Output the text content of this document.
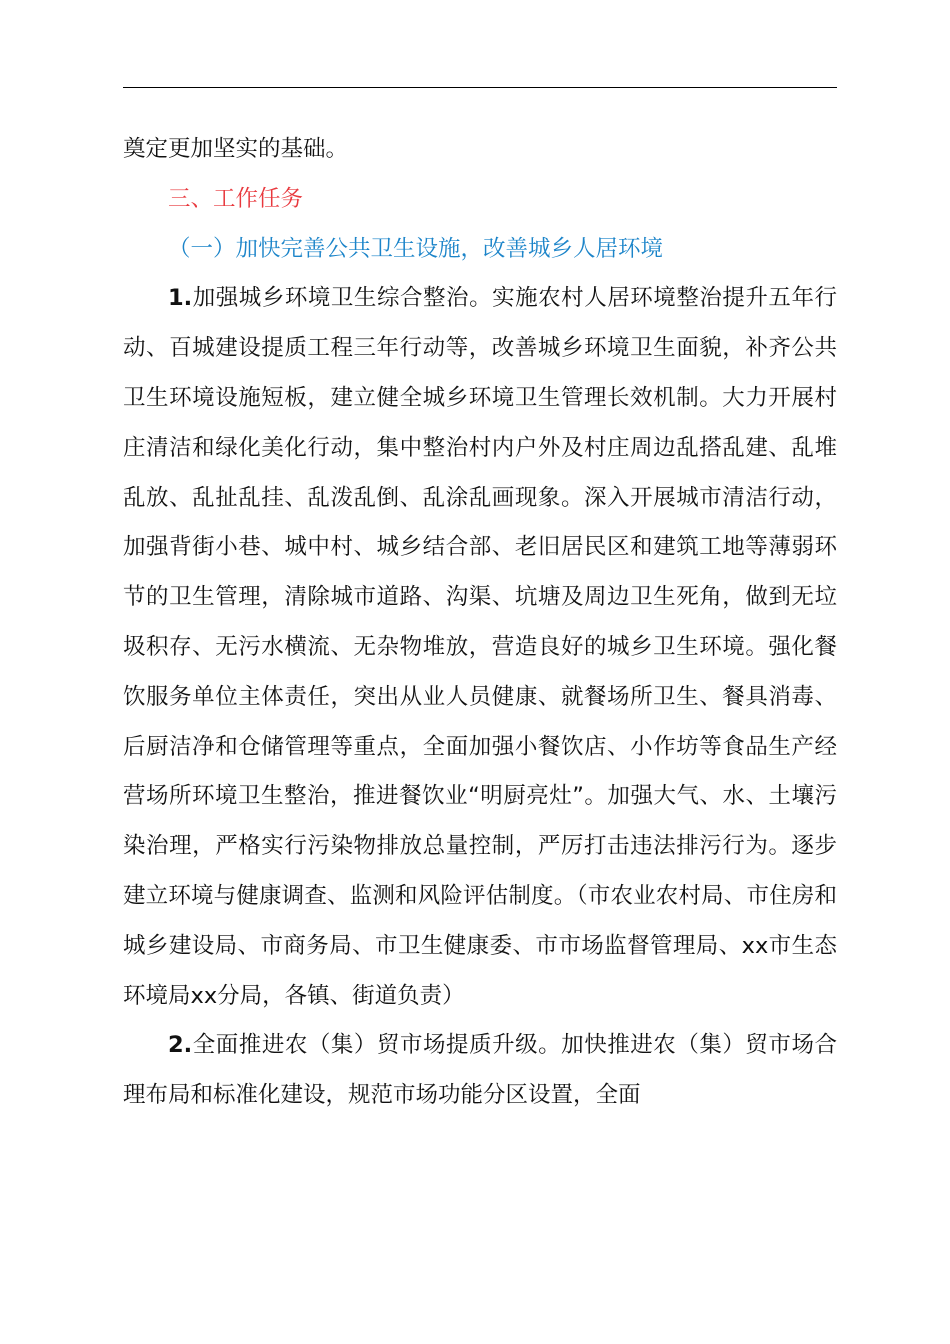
奠定更加坚实的基础。

三、工作任务

（一）加快完善公共卫生设施，改善城乡人居环境

1.加强城乡环境卫生综合整治。实施农村人居环境整治提升五年行动、百城建设提质工程三年行动等，改善城乡环境卫生面貌，补齐公共卫生环境设施短板，建立健全城乡环境卫生管理长效机制。大力开展村庄清洁和绿化美化行动，集中整治村内户外及村庄周边乱搭乱建、乱堆乱放、乱扯乱挂、乱泼乱倒、乱涂乱画现象。深入开展城市清洁行动，加强背街小巷、城中村、城乡结合部、老旧居民区和建筑工地等薄弱环节的卫生管理，清除城市道路、沟渠、坑塘及周边卫生死角，做到无垃圾积存、无污水横流、无杂物堆放，营造良好的城乡卫生环境。强化餐饮服务单位主体责任，突出从业人员健康、就餐场所卫生、餐具消毒、后厨洁净和仓储管理等重点，全面加强小餐饮店、小作坊等食品生产经营场所环境卫生整治，推进餐饮业“明厨亮灶”。加强大气、水、土壤污染治理，严格实行污染物排放总量控制，严厉打击违法排污行为。逐步建立环境与健康调查、监测和风险评估制度。（市农业农村局、市住房和城乡建设局、市商务局、市卫生健康委、市市场监督管理局、xx市生态环境局xx分局，各镇、街道负责）

2.全面推进农（集）贸市场提质升级。加快推进农（集）贸市场合理布局和标准化建设，规范市场功能分区设置，全面
